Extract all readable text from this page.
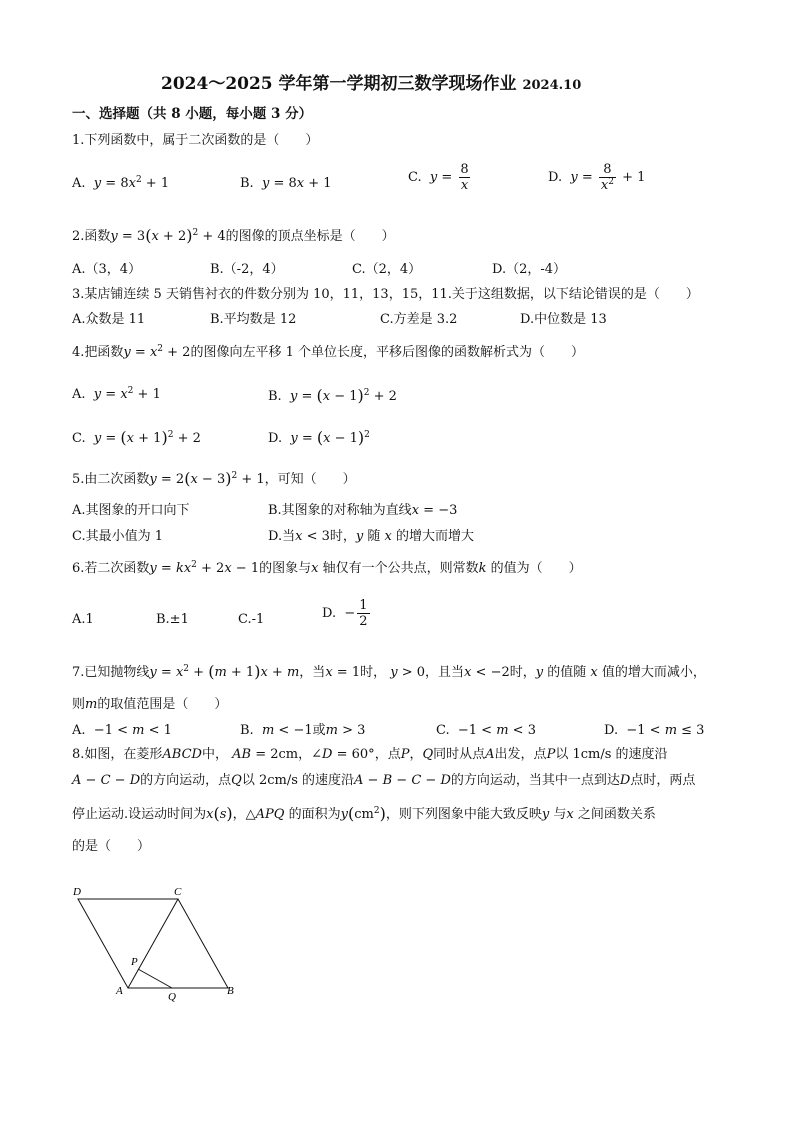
2024～2025 学年第一学期初三数学现场作业 2024.10
一、选择题（共 8 小题，每小题 3 分）
1.下列函数中，属于二次函数的是（　　）
A. $y = 8x^2 + 1$	B. y = 8x + 1	C. $y = \frac{8}{x}$	D. $y = \frac{8}{x^2} + 1$
2.函数$y = 3(x + 2)^2 + 4$的图像的顶点坐标是（　　）
A.（3，4）	B.（-2，4）	C.（2，4）	D.（2，-4）
3.某店铺连续 5 天销售衬衣的件数分别为 10，11，13，15，11.关于这组数据，以下结论错误的是（　　）
A.众数是 11	B.平均数是 12	C.方差是 3.2	D.中位数是 13
4.把函数$y = x^2 + 2$的图像向左平移 1 个单位长度，平移后图像的函数解析式为（　　）
A. $y = x^2 + 1$	B. $y = (x - 1)^2 + 2$
C. $y = (x + 1)^2 + 2$	D. $y = (x - 1)^2$
5.由二次函数$y = 2(x - 3)^2 + 1$，可知（　　）
A.其图象的开口向下	B.其图象的对称轴为直线x = −3
C.其最小值为 1	D.当x < 3时，y 随 x 的增大而增大
6.若二次函数$y = kx^2 + 2x - 1$的图象与x 轴仅有一个公共点，则常数k 的值为（　　）
A.1	B.±1	C.-1	D.  − $\frac{1}{2}$
7.已知抛物线$y = x^2 + (m + 1)x + m$，当x = 1时， y > 0，且当x < −2时，y 的值随 x 值的增大而减小，
则m的取值范围是（　　）
A.  −1 < m < 1	B. m < −1或m > 3	C.  −1 < m < 3	D.  −1 < m ≤ 3
8.如图，在菱形ABCD中， AB = 2cm，∠D = 60°，点P，Q同时从点A出发，点P以 1cm/s 的速度沿
A − C − D的方向运动，点Q以 2cm/s 的速度沿A − B − C − D的方向运动，当其中一点到达D点时，两点
停止运动.设运动时间为x(s)，△APQ 的面积为$y(cm^2)$，则下列图象中能大致反映y 与x 之间函数关系
的是（　　）
D	C
P
A	Q	B
